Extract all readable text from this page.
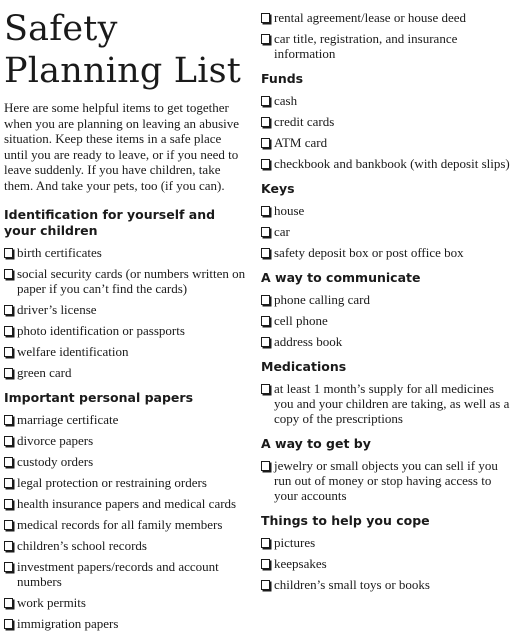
Safety Planning List

Here are some helpful items to get together when you are planning on leaving an abusive situation. Keep these items in a safe place until you are ready to leave, or if you need to leave suddenly. If you have children, take them. And take your pets, too (if you can).

Identification for yourself and your children
birth certificates
social security cards (or numbers written on paper if you can’t find the cards)
driver’s license
photo identification or passports
welfare identification
green card
Important personal papers
marriage certificate
divorce papers
custody orders
legal protection or restraining orders
health insurance papers and medical cards
medical records for all family members
children’s school records
investment papers/records and account numbers
work permits
immigration papers
rental agreement/lease or house deed
car title, registration, and insurance information
Funds
cash
credit cards
ATM card
checkbook and bankbook (with deposit slips)
Keys
house
car
safety deposit box or post office box
A way to communicate
phone calling card
cell phone
address book
Medications
at least 1 month’s supply for all medicines you and your children are taking, as well as a copy of the prescriptions
A way to get by
jewelry or small objects you can sell if you run out of money or stop having access to your accounts
Things to help you cope
pictures
keepsakes
children’s small toys or books
